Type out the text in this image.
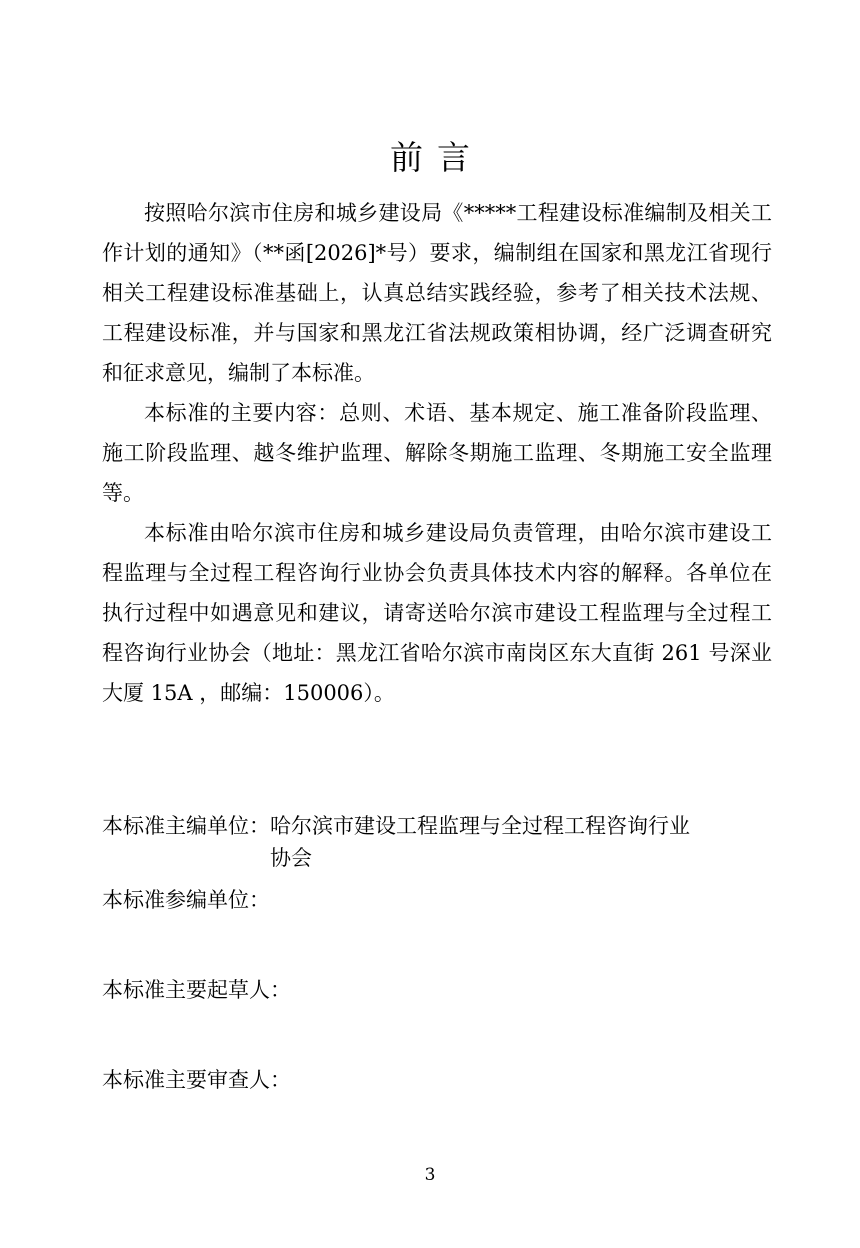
前言

按照哈尔滨市住房和城乡建设局《*****工程建设标准编制及相关工作计划的通知》（**函[2026]*号）要求，编制组在国家和黑龙江省现行相关工程建设标准基础上，认真总结实践经验，参考了相关技术法规、工程建设标准，并与国家和黑龙江省法规政策相协调，经广泛调查研究和征求意见，编制了本标准。

本标准的主要内容：总则、术语、基本规定、施工准备阶段监理、施工阶段监理、越冬维护监理、解除冬期施工监理、冬期施工安全监理等。

本标准由哈尔滨市住房和城乡建设局负责管理，由哈尔滨市建设工程监理与全过程工程咨询行业协会负责具体技术内容的解释。各单位在执行过程中如遇意见和建议，请寄送哈尔滨市建设工程监理与全过程工程咨询行业协会（地址：黑龙江省哈尔滨市南岗区东大直街 261 号深业大厦 15A ，邮编：150006）。

本标准主编单位： 哈尔滨市建设工程监理与全过程工程咨询行业协会
本标准参编单位：
本标准主要起草人：
本标准主要审查人：
3
